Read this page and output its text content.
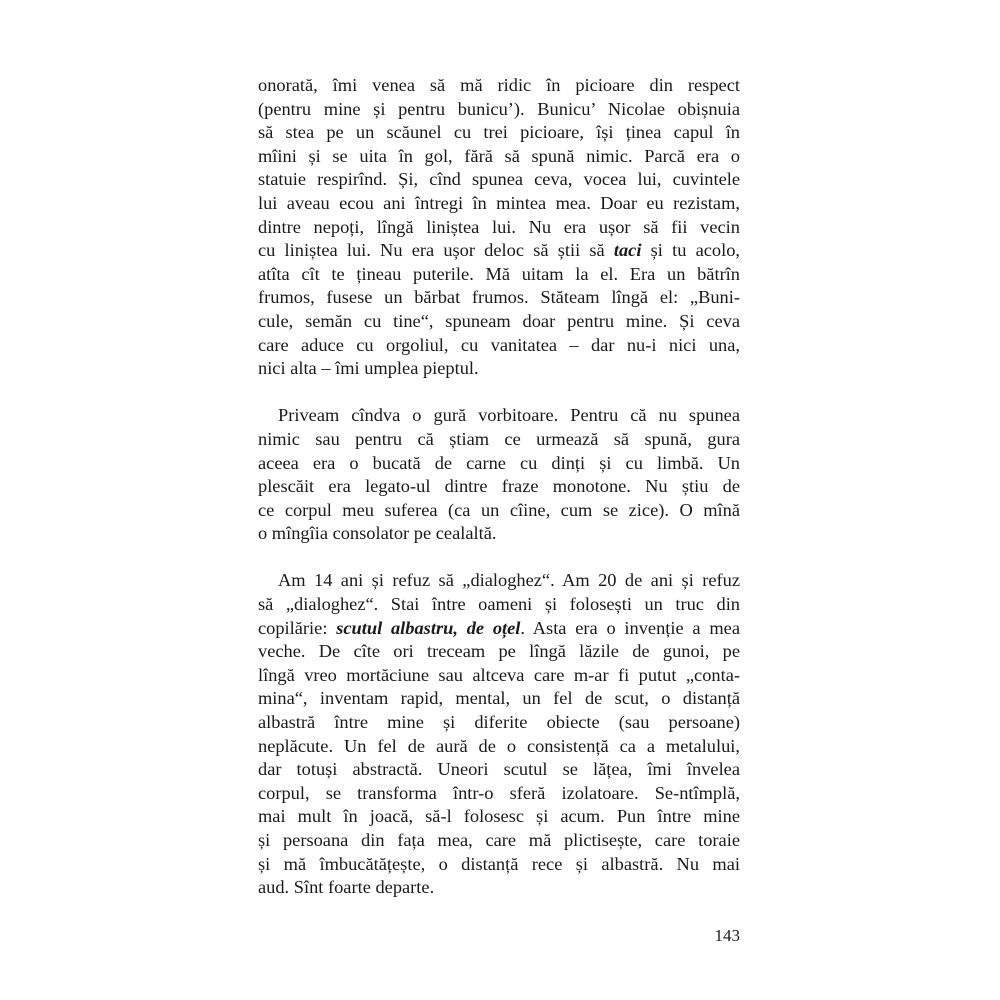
onorată, îmi venea să mă ridic în picioare din respect
(pentru mine și pentru bunicu’). Bunicu’ Nicolae obișnuia
să stea pe un scăunel cu trei picioare, își ținea capul în
mîini și se uita în gol, fără să spună nimic. Parcă era o
statuie respirînd. Și, cînd spunea ceva, vocea lui, cuvintele
lui aveau ecou ani întregi în mintea mea. Doar eu rezistam,
dintre nepoți, lîngă liniștea lui. Nu era ușor să fii vecin
cu liniștea lui. Nu era ușor deloc să știi să taci și tu acolo,
atîta cît te țineau puterile. Mă uitam la el. Era un bătrîn
frumos, fusese un bărbat frumos. Stăteam lîngă el: „Buni-
cule, semăn cu tine“, spuneam doar pentru mine. Și ceva
care aduce cu orgoliul, cu vanitatea – dar nu-i nici una,
nici alta – îmi umplea pieptul.
Priveam cîndva o gură vorbitoare. Pentru că nu spunea
nimic sau pentru că știam ce urmează să spună, gura
aceea era o bucată de carne cu dinți și cu limbă. Un
plescăit era legato-ul dintre fraze monotone. Nu știu de
ce corpul meu suferea (ca un cîine, cum se zice). O mînă
o mîngîia consolator pe cealaltă.
Am 14 ani și refuz să „dialoghez“. Am 20 de ani și refuz
să „dialoghez“. Stai între oameni și folosești un truc din
copilărie: scutul albastru, de oțel. Asta era o invenție a mea
veche. De cîte ori treceam pe lîngă lăzile de gunoi, pe
lîngă vreo mortăciune sau altceva care m-ar fi putut „conta-
mina“, inventam rapid, mental, un fel de scut, o distanță
albastră între mine și diferite obiecte (sau persoane)
neplăcute. Un fel de aură de o consistență ca a metalului,
dar totuși abstractă. Uneori scutul se lățea, îmi învelea
corpul, se transforma într-o sferă izolatoare. Se-ntîmplă,
mai mult în joacă, să-l folosesc și acum. Pun între mine
și persoana din fața mea, care mă plictisește, care toraie
și mă îmbucătățește, o distanță rece și albastră. Nu mai
aud. Sînt foarte departe.
143
